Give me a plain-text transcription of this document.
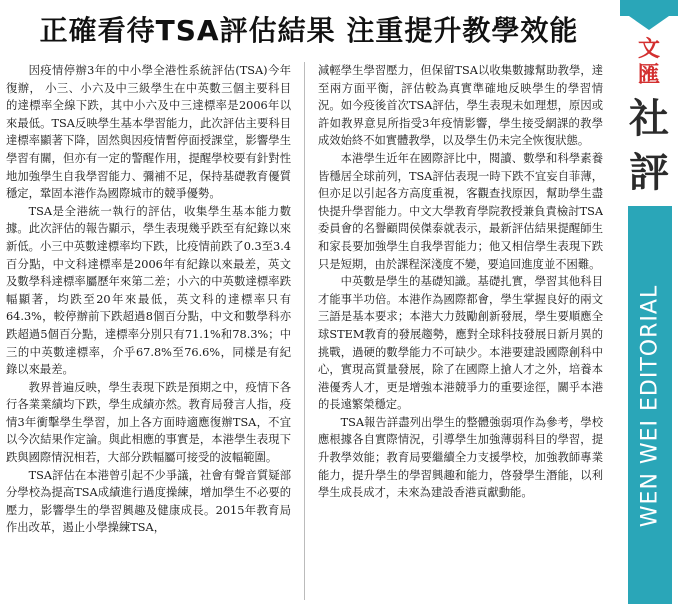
正確看待TSA評估結果 注重提升教學效能

因疫情停辦3年的中小學全港性系統評估(TSA)今年復辦， 小三、小六及中三級學生在中英數三個主要科目的達標率全線下跌，其中小六及中三達標率是2006年以來最低。TSA反映學生基本學習能力，此次評估主要科目達標率顯著下降，固然與因疫情暫停面授課堂，影響學生學習有關，但亦有一定的警醒作用，提醒學校要有針對性地加強學生自我學習能力、彌補不足，保持基礎教育優質穩定，鞏固本港作為國際城市的競爭優勢。

TSA是全港統一執行的評估，收集學生基本能力數據。此次評估的報告顯示，學生表現幾乎跌至有紀錄以來新低。小三中英數達標率均下跌，比疫情前跌了0.3至3.4百分點，中文科達標率是2006年有紀錄以來最差，英文及數學科達標率屬歷年來第二差；小六的中英數達標率跌幅顯著，均跌至20年來最低，英文科的達標率只有64.3%，較停辦前下跌超過8個百分點，中文和數學科亦跌超過5個百分點，達標率分別只有71.1%和78.3%；中三的中英數達標率，介乎67.8%至76.6%，同樣是有紀錄以來最差。

教界普遍反映，學生表現下跌是預期之中，疫情下各行各業業績均下跌，學生成績亦然。教育局發言人指，疫情3年衝擊學生學習，加上各方面時適應復辦TSA，不宜以今次結果作定論。與此相應的事實是，本港學生表現下跌與國際情況相若，大部分跌幅屬可接受的波幅範圍。

TSA評估在本港曾引起不少爭議，社會有聲音質疑部分學校為提高TSA成績進行過度操練，增加學生不必要的壓力，影響學生的學習興趣及健康成長。2015年教育局作出改革，遏止小學操練TSA，

減輕學生學習壓力，但保留TSA以收集數據幫助教學，達至兩方面平衡，評估較為真實準確地反映學生的學習情況。如今疫後首次TSA評估，學生表現未如理想，原因或許如教界意見所指受3年疫情影響，學生接受網課的教學成效始終不如實體教學，以及學生仍未完全恢復狀態。

本港學生近年在國際評比中，閱讀、數學和科學素養皆穩居全球前列，TSA評估表現一時下跌不宜妄自菲薄，但亦足以引起各方高度重視，客觀查找原因，幫助學生盡快提升學習能力。中文大學教育學院教授兼負責檢討TSA委員會的名譽顧問侯傑泰就表示，最新評估結果提醒師生和家長要加強學生自我學習能力；他又相信學生表現下跌只是短期，由於課程深淺度不變，要追回進度並不困難。

中英數是學生的基礎知識。基礎扎實，學習其他科目才能事半功倍。本港作為國際都會，學生掌握良好的兩文三語是基本要求；本港大力鼓勵創新發展，學生要順應全球STEM教育的發展趨勢，應對全球科技發展日新月異的挑戰，過硬的數學能力不可缺少。本港要建設國際創科中心，實現高質量發展，除了在國際上搶人才之外，培養本港優秀人才，更是增強本港競爭力的重要途徑，關乎本港的長遠繁榮穩定。

TSA報告詳盡列出學生的整體強弱項作為參考，學校應根據各自實際情況，引導學生加強薄弱科目的學習，提升教學效能；教育局要繼續全力支援學校，加強教師專業能力，提升學生的學習興趣和能力，啓發學生潛能，以利學生成長成才，未來為建設香港貢獻動能。

文
匯
社
評
WEN WEI EDITORIAL
